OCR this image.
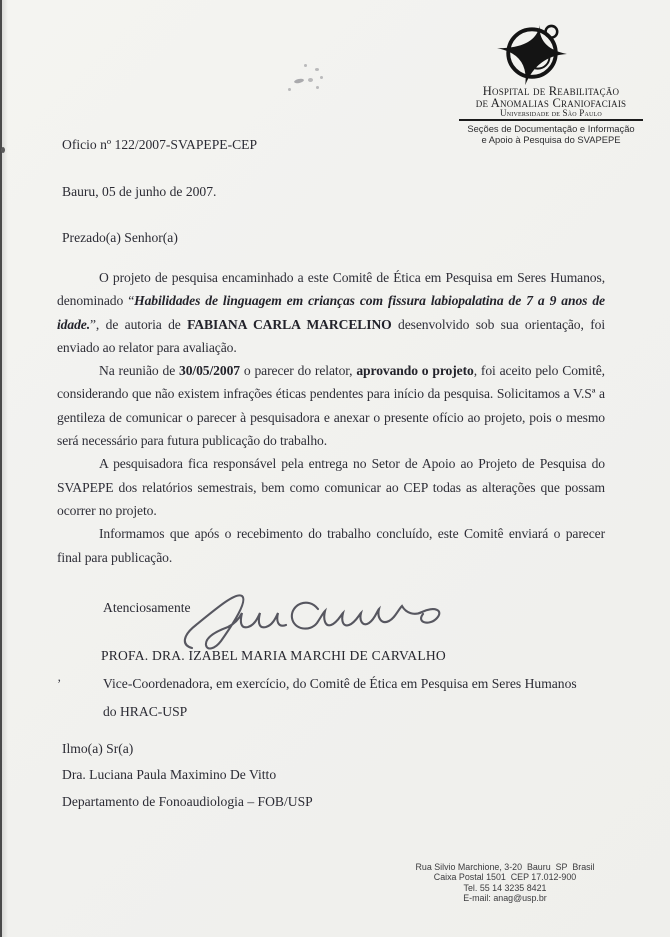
Hospital de Reabilitação
de Anomalias Craniofaciais
Universidade de São Paulo
Seções de Documentação e Informação
e Apoio à Pesquisa do SVAPEPE
Oficio nº 122/2007-SVAPEPE-CEP
Bauru, 05 de junho de 2007.
Prezado(a) Senhor(a)

O projeto de pesquisa encaminhado a este Comitê de Ética em Pesquisa em Seres Humanos, denominado “Habilidades de linguagem em crianças com fissura labiopalatina de 7 a 9 anos de idade.”, de autoria de FABIANA CARLA MARCELINO desenvolvido sob sua orientação, foi enviado ao relator para avaliação.

Na reunião de 30/05/2007 o parecer do relator, aprovando o projeto, foi aceito pelo Comitê, considerando que não existem infrações éticas pendentes para início da pesquisa. Solicitamos a V.Sª a gentileza de comunicar o parecer à pesquisadora e anexar o presente ofício ao projeto, pois o mesmo será necessário para futura publicação do trabalho.

A pesquisadora fica responsável pela entrega no Setor de Apoio ao Projeto de Pesquisa do SVAPEPE dos relatórios semestrais, bem como comunicar ao CEP todas as alterações que possam ocorrer no projeto.

Informamos que após o recebimento do trabalho concluído, este Comitê enviará o parecer final para publicação.

Atenciosamente
PROFA. DRA. IZABEL MARIA MARCHI DE CARVALHO
’	Vice-Coordenadora, em exercício, do Comitê de Ética em Pesquisa em Seres Humanos
do HRAC-USP
Ilmo(a) Sr(a)
Dra. Luciana Paula Maximino De Vitto
Departamento de Fonoaudiologia – FOB/USP
Rua Silvio Marchione, 3-20  Bauru  SP  Brasil
Caixa Postal 1501  CEP 17.012-900
Tel. 55 14 3235 8421
E-mail: anag@usp.br
